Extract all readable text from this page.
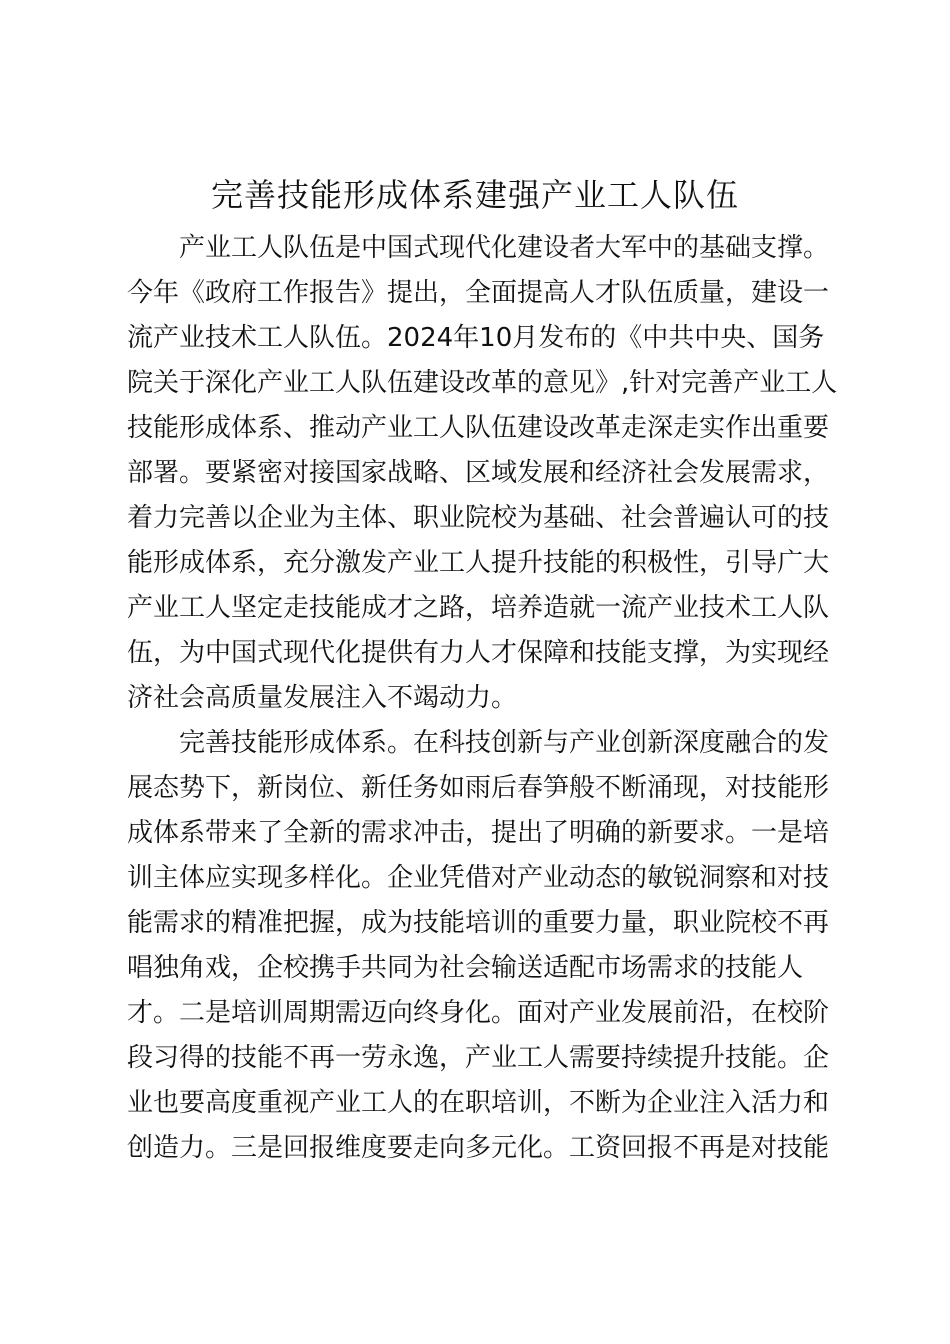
完善技能形成体系建强产业工人队伍
产业工人队伍是中国式现代化建设者大军中的基础支撑。
今年《政府工作报告》提出，全面提高人才队伍质量，建设一
流产业技术工人队伍。2024年10月发布的《中共中央、国务
院关于深化产业工人队伍建设改革的意见》,针对完善产业工人
技能形成体系、推动产业工人队伍建设改革走深走实作出重要
部署。要紧密对接国家战略、区域发展和经济社会发展需求，
着力完善以企业为主体、职业院校为基础、社会普遍认可的技
能形成体系，充分激发产业工人提升技能的积极性，引导广大
产业工人坚定走技能成才之路，培养造就一流产业技术工人队
伍，为中国式现代化提供有力人才保障和技能支撑，为实现经
济社会高质量发展注入不竭动力。
完善技能形成体系。在科技创新与产业创新深度融合的发
展态势下，新岗位、新任务如雨后春笋般不断涌现，对技能形
成体系带来了全新的需求冲击，提出了明确的新要求。一是培
训主体应实现多样化。企业凭借对产业动态的敏锐洞察和对技
能需求的精准把握，成为技能培训的重要力量，职业院校不再
唱独角戏，企校携手共同为社会输送适配市场需求的技能人
才。二是培训周期需迈向终身化。面对产业发展前沿，在校阶
段习得的技能不再一劳永逸，产业工人需要持续提升技能。企
业也要高度重视产业工人的在职培训，不断为企业注入活力和
创造力。三是回报维度要走向多元化。工资回报不再是对技能
